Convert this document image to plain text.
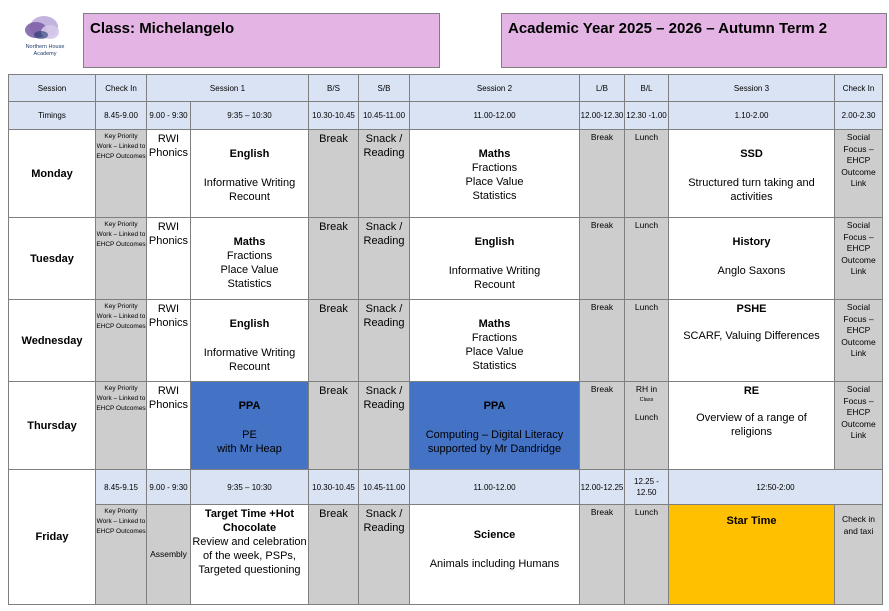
Northern House
Academy
Class: Michelangelo	Academic Year 2025 – 2026 – Autumn Term 2
Session	Check In	Session 1		B/S	S/B	Session 2	L/B	B/L	Session 3	Check In
Timings	8.45-9.00	9.00 - 9:30	9:35 – 10:30	10.30-10.45	10.45-11.00	11.00-12.00	12.00-12.30	12.30 -1.00	1.10-2.00	2.00-2.30
Monday	Key Priority Work – Linked to EHCP Outcomes	RWI Phonics	English
Informative Writing
Recount	Break	Snack / Reading	Maths
Fractions
Place Value
Statistics	Break	Lunch	SSD
Structured turn taking and activities	Social Focus – EHCP Outcome Link
Tuesday	Key Priority Work – Linked to EHCP Outcomes	RWI Phonics	Maths
Fractions
Place Value
Statistics	Break	Snack / Reading	English
Informative Writing
Recount	Break	Lunch	History
Anglo Saxons	Social Focus – EHCP Outcome Link
Wednesday	Key Priority Work – Linked to EHCP Outcomes	RWI Phonics	English
Informative Writing
Recount	Break	Snack / Reading	Maths
Fractions
Place Value
Statistics	Break	Lunch	PSHE
SCARF, Valuing Differences	Social Focus – EHCP Outcome Link
Thursday	Key Priority Work – Linked to EHCP Outcomes	RWI Phonics	PPA
PE
with Mr Heap	Break	Snack / Reading	PPA
Computing – Digital Literacy
supported by Mr Dandridge	Break	RH in
Class
Lunch	RE
Overview of a range of religions	Social Focus – EHCP Outcome Link
Friday	8.45-9.15	9.00 - 9:30	9:35 – 10:30	10.30-10.45	10.45-11.00	11.00-12.00	12.00-12.25	12.25 - 12.50	12:50-2:00	
	Key Priority Work – Linked to EHCP Outcomes	Assembly	Target Time +Hot Chocolate
Review and celebration of the week, PSPs, Targeted questioning	Break	Snack / Reading	Science
Animals including Humans	Break	Lunch	Star Time	Check in and taxi
